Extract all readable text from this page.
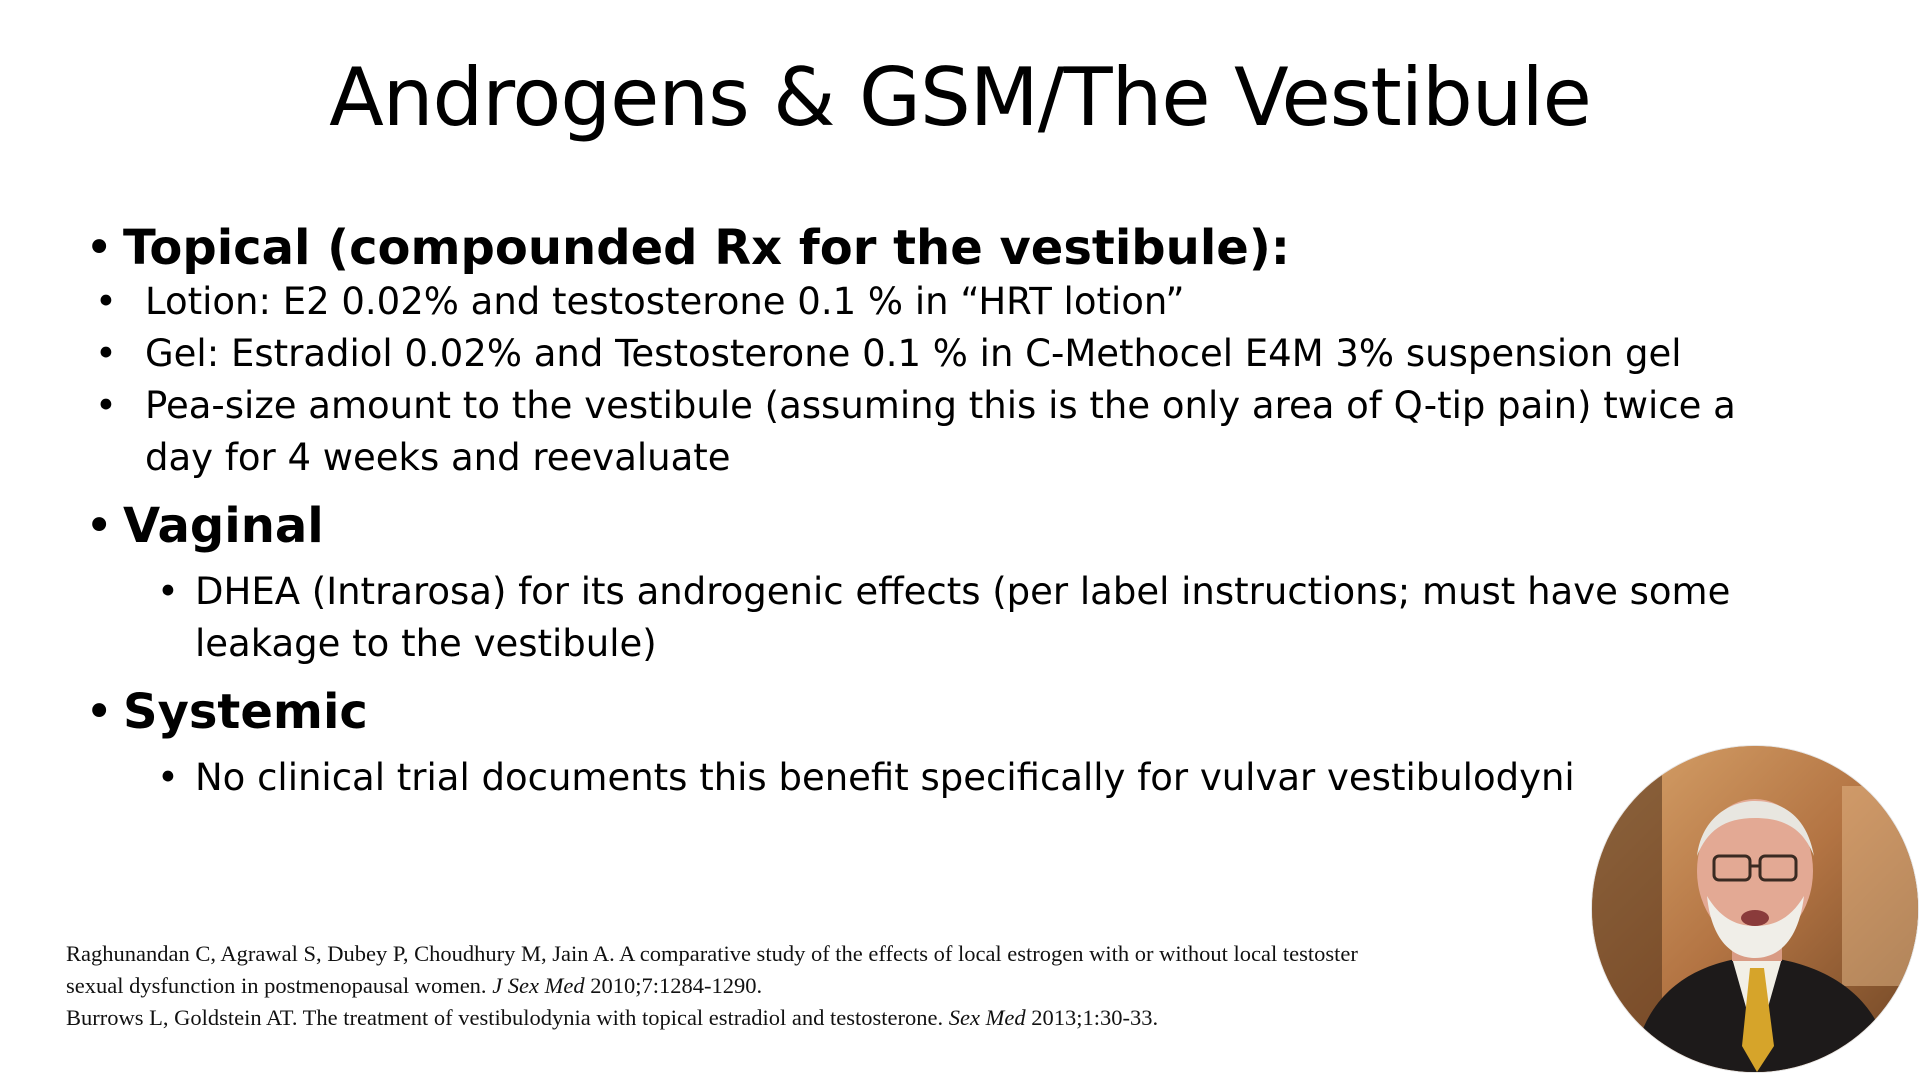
Androgens & GSM/The Vestibule
• Topical (compounded Rx for the vestibule):
• Lotion: E2 0.02% and testosterone 0.1 % in “HRT lotion”
• Gel: Estradiol 0.02% and Testosterone 0.1 % in C-Methocel E4M 3% suspension gel
• Pea-size amount to the vestibule (assuming this is the only area of Q-tip pain) twice a day for 4 weeks and reevaluate
• Vaginal
• DHEA (Intrarosa) for its androgenic effects (per label instructions; must have some leakage to the vestibule)
• Systemic
• No clinical trial documents this benefit specifically for vulvar vestibulodyni
Raghunandan C, Agrawal S, Dubey P, Choudhury M, Jain A. A comparative study of the effects of local estrogen with or without local testoster
sexual dysfunction in postmenopausal women. J Sex Med 2010;7:1284-1290.
Burrows L, Goldstein AT. The treatment of vestibulodynia with topical estradiol and testosterone. Sex Med 2013;1:30-33.
